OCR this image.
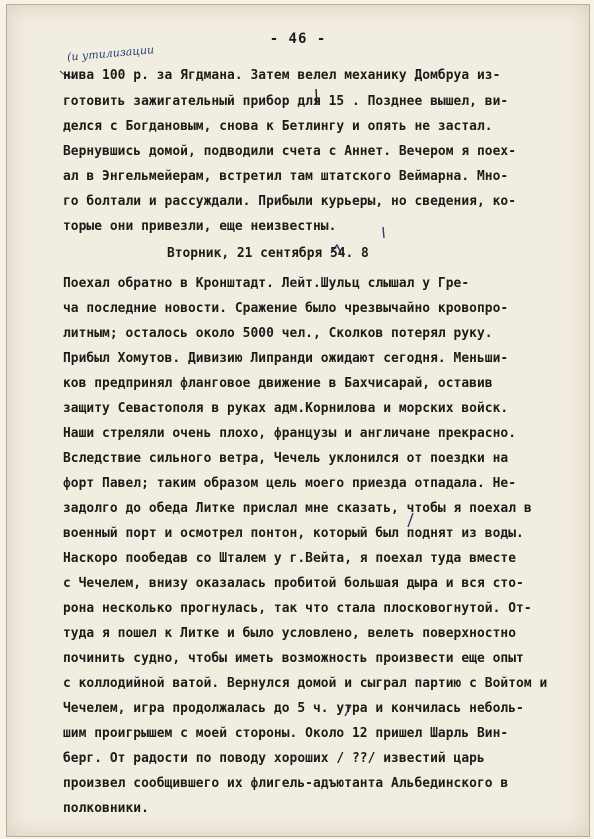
- 46 -
(и утилизации
нива 100 р. за Ягдмана. Затем велел механику Домбруа из-
готовить зажигательный прибор для 15 . Позднее вышел, ви-
делся с Богдановым, снова к Бетлингу и опять не застал.
Вернувшись домой, подводили счета с Аннет. Вечером я поех-
ал в Энгельмейерам, встретил там штатского Веймарна. Мно-
го болтали и рассуждали. Прибыли курьеры, но сведения, ко-
торые они привезли, еще неизвестны.
Вторник, 21 сентября 54. 8
Поехал обратно в Кронштадт. Лейт.Шульц слышал у Гре-
ча последние новости. Сражение было чрезвычайно кровопро-
литным; осталось около 5000 чел., Сколков потерял руку.
Прибыл Хомутов. Дивизию Липранди ожидают сегодня. Меньши-
ков предпринял фланговое движение в Бахчисарай, оставив
защиту Севастополя в руках адм.Корнилова и морских войск.
Наши стреляли очень плохо, французы и англичане прекрасно.
Вследствие сильного ветра, Чечель уклонился от поездки на
форт Павел; таким образом цель моего приезда отпадала. Не-
задолго до обеда Литке прислал мне сказать, чтобы я поехал в
военный порт и осмотрел понтон, который был поднят из воды.
Наскоро пообедав со Шталем у г.Вейта, я поехал туда вместе
с Чечелем, внизу оказалась пробитой большая дыра и вся сто-
рона несколько прогнулась, так что стала плосковогнутой. От-
туда я пошел к Литке и было условлено, велеть поверхностно
починить судно, чтобы иметь возможность произвести еще опыт
с коллодийной ватой. Вернулся домой и сыграл партию с Войтом и
Чечелем, игра продолжалась до 5 ч. утра и кончилась неболь-
шим проигрышем с моей стороны. Около 12 пришел Шарль Вин-
берг. От радости по поводу хороших / ??/ известий царь
произвел сообщившего их флигель-адъютанта Альбединского в
полковники.
